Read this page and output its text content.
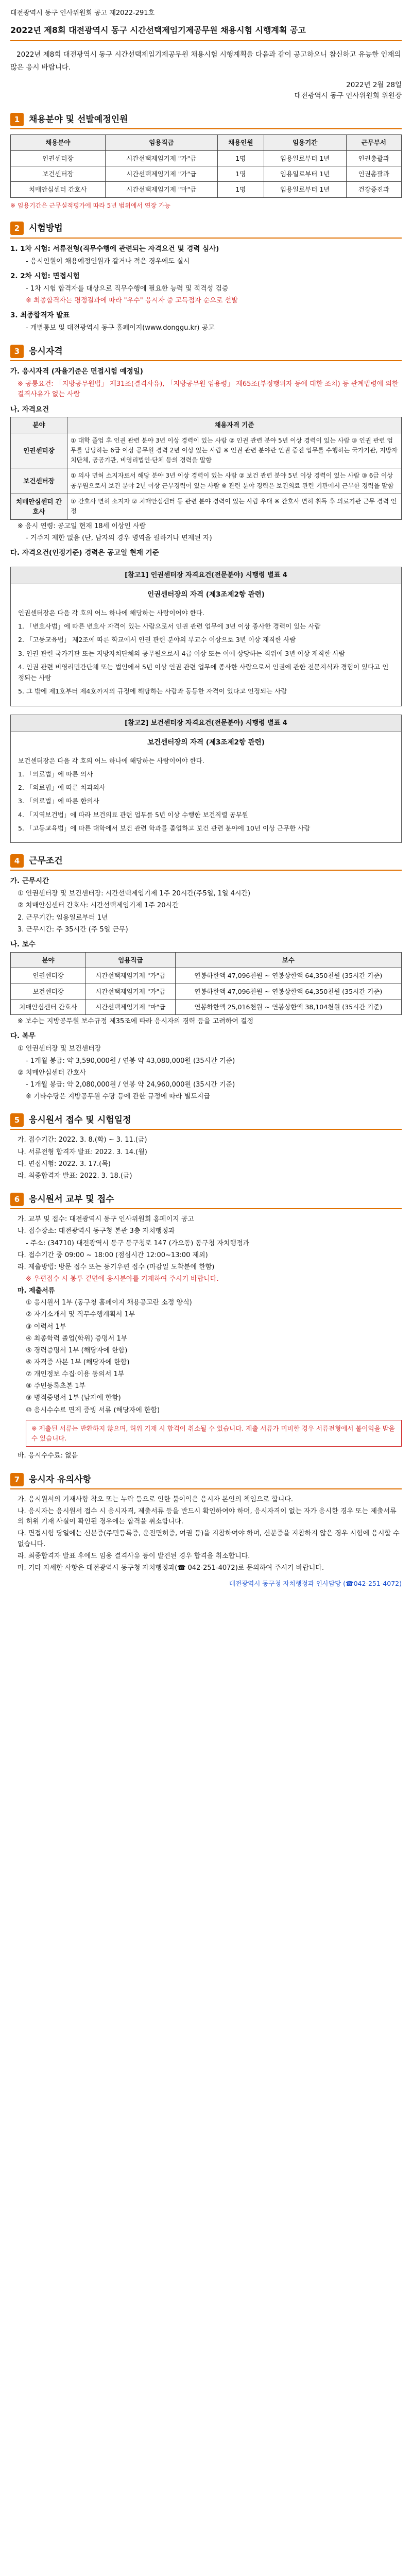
대전광역시 동구 인사위원회 공고 제2022-291호
2022년 제8회 대전광역시 동구 시간선택제임기제공무원 채용시험 시행계획 공고

2022년 제8회 대전광역시 동구 시간선택제임기제공무원 채용시험 시행계획을 다음과 같이 공고하오니 참신하고 유능한 인재의 많은 응시 바랍니다.

2022년 2월 28일
대전광역시 동구 인사위원회 위원장
1	채용분야 및 선발예정인원
채용분야	임용직급	채용인원	임용기간	근무부서
인권센터장	시간선택제임기제 "가"급	1명	임용일로부터 1년	인권총괄과
보건센터장	시간선택제임기제 "가"급	1명	임용일로부터 1년	인권총괄과
치매안심센터 간호사	시간선택제임기제 "마"급	1명	임용일로부터 1년	건강증진과
※ 임용기간은 근무실적평가에 따라 5년 범위에서 연장 가능
2	시험방법
1. 1차 시험: 서류전형(직무수행에 관련되는 자격요건 및 경력 심사)
- 응시인원이 채용예정인원과 같거나 적은 경우에도 실시
2. 2차 시험: 면접시험
- 1차 시험 합격자를 대상으로 직무수행에 필요한 능력 및 적격성 검증
※ 최종합격자는 평정결과에 따라 "우수" 응시자 중 고득점자 순으로 선발
3. 최종합격자 발표
- 개별통보 및 대전광역시 동구 홈페이지(www.donggu.kr) 공고
3	응시자격
가. 응시자격 (자율기준은 면접시험 예정일)
※ 공통요건: 「지방공무원법」 제31조(결격사유), 「지방공무원 임용령」 제65조(부정행위자 등에 대한 조치) 등 관계법령에 의한 결격사유가 없는 사람
나. 자격요건
분야	채용자격 기준
인권센터장	① 대학 졸업 후 인권 관련 분야 3년 이상 경력이 있는 사람 ② 인권 관련 분야 5년 이상 경력이 있는 사람 ③ 인권 관련 업무를 담당하는 6급 이상 공무원 경력 2년 이상 있는 사람 ※ 인권 관련 분야란 인권 증진 업무를 수행하는 국가기관, 지방자치단체, 공공기관, 비영리법인·단체 등의 경력을 말함
보건센터장	① 의사 면허 소지자로서 해당 분야 3년 이상 경력이 있는 사람 ② 보건 관련 분야 5년 이상 경력이 있는 사람 ③ 6급 이상 공무원으로서 보건 분야 2년 이상 근무경력이 있는 사람 ※ 관련 분야 경력은 보건의료 관련 기관에서 근무한 경력을 말함
치매안심센터 간호사	① 간호사 면허 소지자 ② 치매안심센터 등 관련 분야 경력이 있는 사람 우대 ※ 간호사 면허 취득 후 의료기관 근무 경력 인정
※ 응시 연령: 공고일 현재 18세 이상인 사람
- 거주지 제한 없음 (단, 남자의 경우 병역을 필하거나 면제된 자)
다. 자격요건(인정기준) 경력은 공고일 현재 기준
[참고1] 인권센터장 자격요건(전문분야) 시행령 별표 4
인권센터장의 자격 (제3조제2항 관련)

인권센터장은 다음 각 호의 어느 하나에 해당하는 사람이어야 한다.

1. 「변호사법」에 따른 변호사 자격이 있는 사람으로서 인권 관련 업무에 3년 이상 종사한 경력이 있는 사람

2. 「고등교육법」 제2조에 따른 학교에서 인권 관련 분야의 부교수 이상으로 3년 이상 재직한 사람

3. 인권 관련 국가기관 또는 지방자치단체의 공무원으로서 4급 이상 또는 이에 상당하는 직위에 3년 이상 재직한 사람

4. 인권 관련 비영리민간단체 또는 법인에서 5년 이상 인권 관련 업무에 종사한 사람으로서 인권에 관한 전문지식과 경험이 있다고 인정되는 사람

5. 그 밖에 제1호부터 제4호까지의 규정에 해당하는 사람과 동등한 자격이 있다고 인정되는 사람

[참고2] 보건센터장 자격요건(전문분야) 시행령 별표 4
보건센터장의 자격 (제3조제2항 관련)

보건센터장은 다음 각 호의 어느 하나에 해당하는 사람이어야 한다.

1. 「의료법」에 따른 의사

2. 「의료법」에 따른 치과의사

3. 「의료법」에 따른 한의사

4. 「지역보건법」에 따라 보건의료 관련 업무를 5년 이상 수행한 보건직렬 공무원

5. 「고등교육법」에 따른 대학에서 보건 관련 학과를 졸업하고 보건 관련 분야에 10년 이상 근무한 사람

4	근무조건
가. 근무시간
① 인권센터장 및 보건센터장: 시간선택제임기제 1주 20시간(주5일, 1일 4시간)
② 치매안심센터 간호사: 시간선택제임기제 1주 20시간
2. 근무기간: 임용일로부터 1년
3. 근무시간: 주 35시간 (주 5일 근무)
나. 보수
분야	임용직급	보수
인권센터장	시간선택제임기제 "가"급	연봉하한액 47,096천원 ~ 연봉상한액 64,350천원 (35시간 기준)
보건센터장	시간선택제임기제 "가"급	연봉하한액 47,096천원 ~ 연봉상한액 64,350천원 (35시간 기준)
치매안심센터 간호사	시간선택제임기제 "마"급	연봉하한액 25,016천원 ~ 연봉상한액 38,104천원 (35시간 기준)
※ 보수는 지방공무원 보수규정 제35조에 따라 응시자의 경력 등을 고려하여 결정
다. 복무
① 인권센터장 및 보건센터장
- 1개월 봉급: 약 3,590,000원 / 연봉 약 43,080,000원 (35시간 기준)
② 치매안심센터 간호사
- 1개월 봉급: 약 2,080,000원 / 연봉 약 24,960,000원 (35시간 기준)
※ 기타수당은 지방공무원 수당 등에 관한 규정에 따라 별도지급
5	응시원서 접수 및 시험일정
가. 접수기간: 2022. 3. 8.(화) ~ 3. 11.(금)
나. 서류전형 합격자 발표: 2022. 3. 14.(월)
다. 면접시험: 2022. 3. 17.(목)
라. 최종합격자 발표: 2022. 3. 18.(금)
6	응시원서 교부 및 접수
가. 교부 및 접수: 대전광역시 동구 인사위원회 홈페이지 공고
나. 접수장소: 대전광역시 동구청 본관 3층 자치행정과
- 주소: (34710) 대전광역시 동구 동구청로 147 (가오동) 동구청 자치행정과
다. 접수기간 중 09:00 ~ 18:00 (점심시간 12:00~13:00 제외)
라. 제출방법: 방문 접수 또는 등기우편 접수 (마감일 도착분에 한함)
※ 우편접수 시 봉투 겉면에 응시분야를 기재하여 주시기 바랍니다.
마. 제출서류
① 응시원서 1부 (동구청 홈페이지 채용공고란 소정 양식)
② 자기소개서 및 직무수행계획서 1부
③ 이력서 1부
④ 최종학력 졸업(학위) 증명서 1부
⑤ 경력증명서 1부 (해당자에 한함)
⑥ 자격증 사본 1부 (해당자에 한함)
⑦ 개인정보 수집·이용 동의서 1부
⑧ 주민등록초본 1부
⑨ 병적증명서 1부 (남자에 한함)
⑩ 응시수수료 면제 증빙 서류 (해당자에 한함)
※ 제출된 서류는 반환하지 않으며, 허위 기재 시 합격이 취소될 수 있습니다. 제출 서류가 미비한 경우 서류전형에서 불이익을 받을 수 있습니다.
바. 응시수수료: 없음
7	응시자 유의사항
가. 응시원서의 기재사항 착오 또는 누락 등으로 인한 불이익은 응시자 본인의 책임으로 합니다.
나. 응시자는 응시원서 접수 시 응시자격, 제출서류 등을 반드시 확인하여야 하며, 응시자격이 없는 자가 응시한 경우 또는 제출서류의 허위 기재 사실이 확인된 경우에는 합격을 취소합니다.
다. 면접시험 당일에는 신분증(주민등록증, 운전면허증, 여권 등)을 지참하여야 하며, 신분증을 지참하지 않은 경우 시험에 응시할 수 없습니다.
라. 최종합격자 발표 후에도 임용 결격사유 등이 발견된 경우 합격을 취소합니다.
마. 기타 자세한 사항은 대전광역시 동구청 자치행정과(☎ 042-251-4072)로 문의하여 주시기 바랍니다.
대전광역시 동구청 자치행정과 인사담당 (☎042-251-4072)
